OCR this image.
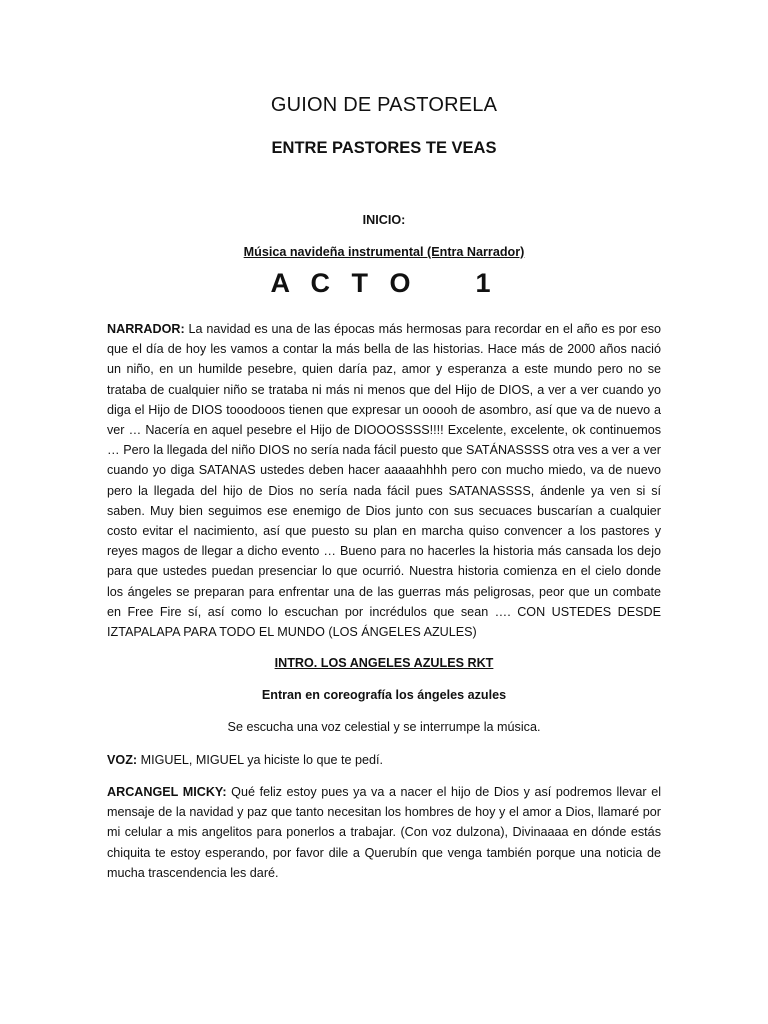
GUION DE PASTORELA
ENTRE PASTORES TE VEAS
INICIO:
Música navideña instrumental (Entra Narrador)
A C T O    1

NARRADOR: La navidad es una de las épocas más hermosas para recordar en el año es por eso que el día de hoy les vamos a contar la más bella de las historias. Hace más de 2000 años nació un niño, en un humilde pesebre, quien daría paz, amor y esperanza a este mundo pero no se trataba de cualquier niño se trataba ni más ni menos que del Hijo de DIOS, a ver a ver cuando yo diga el Hijo de DIOS tooodooos tienen que expresar un ooooh de asombro, así que va de nuevo a ver … Nacería en aquel pesebre el Hijo de DIOOOSSSS!!!! Excelente, excelente, ok continuemos … Pero la llegada del niño DIOS no sería nada fácil puesto que SATÁNASSSS otra ves a ver a ver cuando yo diga SATANAS ustedes deben hacer aaaaahhhh pero con mucho miedo, va de nuevo pero la llegada del hijo de Dios no sería nada fácil pues SATANASSSS, ándenle ya ven si sí saben. Muy bien seguimos ese enemigo de Dios junto con sus secuaces buscarían a cualquier costo evitar el nacimiento, así que puesto su plan en marcha quiso convencer a los pastores y reyes magos de llegar a dicho evento … Bueno para no hacerles la historia más cansada los dejo para que ustedes puedan presenciar lo que ocurrió. Nuestra historia comienza en el cielo donde los ángeles se preparan para enfrentar una de las guerras más peligrosas, peor que un combate en Free Fire sí, así como lo escuchan por incrédulos que sean …. CON USTEDES DESDE IZTAPALAPA PARA TODO EL MUNDO (LOS ÁNGELES AZULES)

INTRO. LOS ANGELES AZULES RKT
Entran en coreografía los ángeles azules
Se escucha una voz celestial y se interrumpe la música.

VOZ: MIGUEL, MIGUEL ya hiciste lo que te pedí.

ARCANGEL MICKY: Qué feliz estoy pues ya va a nacer el hijo de Dios y así podremos llevar el mensaje de la navidad y paz que tanto necesitan los hombres de hoy y el amor a Dios, llamaré por mi celular a mis angelitos para ponerlos a trabajar. (Con voz dulzona), Divinaaaa en dónde estás chiquita te estoy esperando, por favor dile a Querubín que venga también porque una noticia de mucha trascendencia les daré.
